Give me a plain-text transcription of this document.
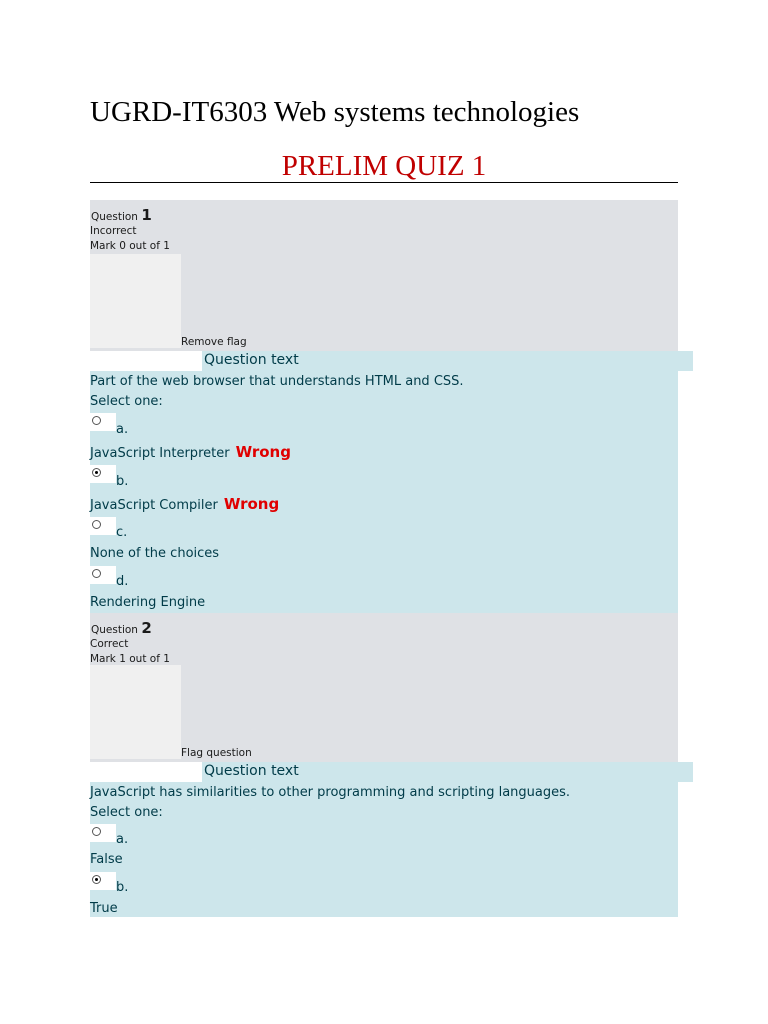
UGRD-IT6303 Web systems technologies
PRELIM QUIZ 1
Question 1
Incorrect
Mark 0 out of 1
Remove flag
Question text
Part of the web browser that understands HTML and CSS.
Select one:
a.
JavaScript Interpreter Wrong
b.
JavaScript Compiler Wrong
c.
None of the choices
d.
Rendering Engine
Question 2
Correct
Mark 1 out of 1
Flag question
Question text
JavaScript has similarities to other programming and scripting languages.
Select one:
a.
False
b.
True
